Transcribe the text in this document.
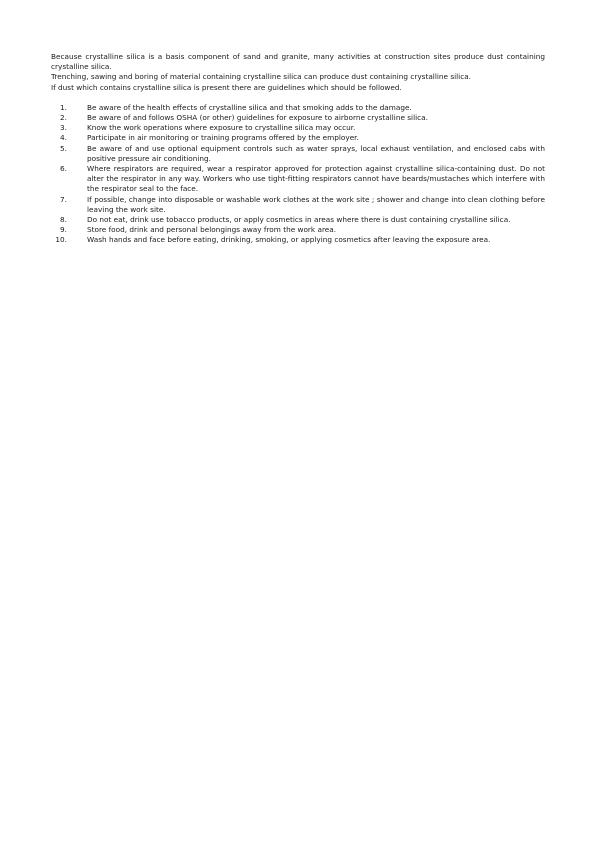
Because crystalline silica is a basis component of sand and granite, many activities at construction sites produce dust containing crystalline silica.

Trenching, sawing and boring of material containing crystalline silica can produce dust containing crystalline silica.

If dust which contains crystalline silica is present there are guidelines which should be followed.

1.	Be aware of the health effects of crystalline silica and that smoking adds to the damage.
2.	Be aware of and follows OSHA (or other) guidelines for exposure to airborne crystalline silica.
3.	Know the work operations where exposure to crystalline silica may occur.
4.	Participate in air monitoring or training programs offered by the employer.
5.	Be aware of and use optional equipment controls such as water sprays, local exhaust ventilation, and enclosed cabs with positive pressure air conditioning.
6.	Where respirators are required, wear a respirator approved for protection against crystalline silica-containing dust. Do not alter the respirator in any way. Workers who use tight-fitting respirators cannot have beards/mustaches which interfere with the respirator seal to the face.
7.	If possible, change into disposable or washable work clothes at the work site ; shower and change into clean clothing before leaving the work site.
8.	Do not eat, drink use tobacco products, or apply cosmetics in areas where there is dust containing crystalline silica.
9.	Store food, drink and personal belongings away from the work area.
10.	Wash hands and face before eating, drinking, smoking, or applying cosmetics after leaving the exposure area.
